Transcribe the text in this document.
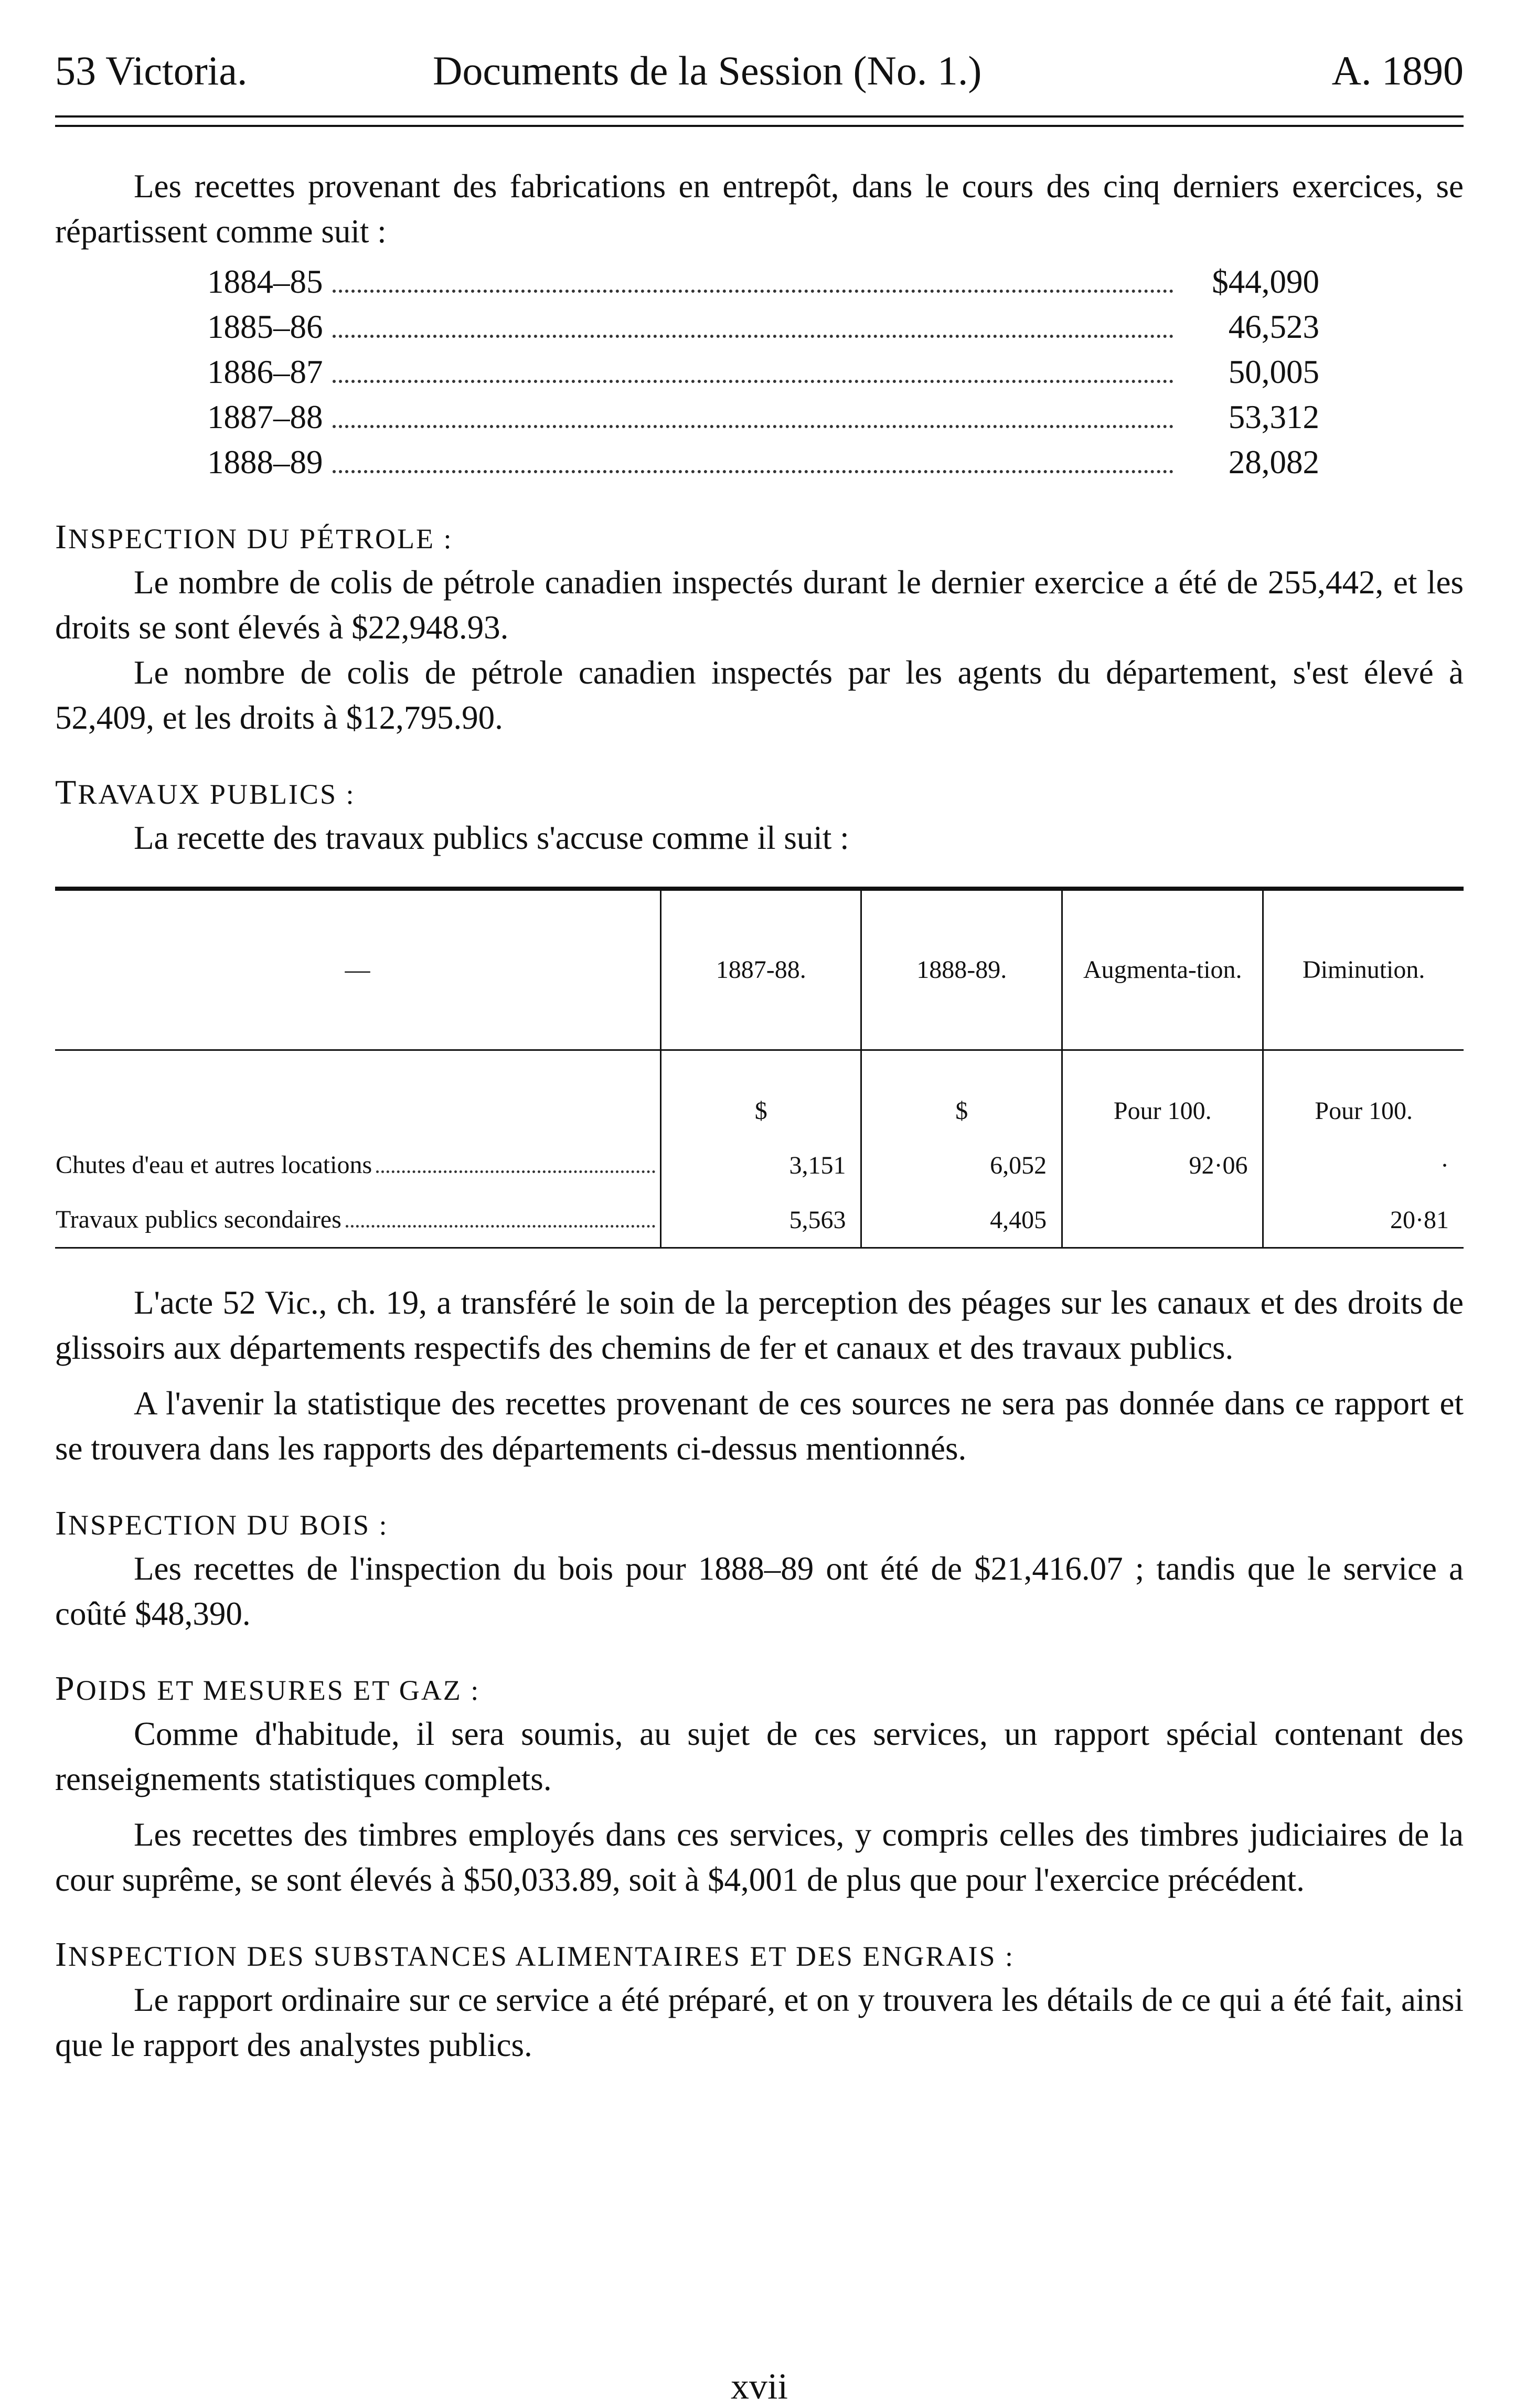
53 Victoria.	Documents de la Session (No. 1.)	A. 1890

Les recettes provenant des fabrications en entrepôt, dans le cours des cinq derniers exercices, se répartissent comme suit :

1884–85	$44,090
1885–86	46,523
1886–87	50,005
1887–88	53,312
1888–89	28,082
INSPECTION DU PÉTROLE :

Le nombre de colis de pétrole canadien inspectés durant le dernier exercice a été de 255,442, et les droits se sont élevés à $22,948.93.

Le nombre de colis de pétrole canadien inspectés par les agents du département, s'est élevé à 52,409, et les droits à $12,795.90.

TRAVAUX PUBLICS :

La recette des travaux publics s'accuse comme il suit :

—	1887-88.	1888-89.	Augmenta-tion.	Diminution.

	$	$	Pour 100.	Pour 100.

Chutes d'eau et autres locations	3,151	6,052	92·06	·

Travaux publics secondaires	5,563	4,405		20·81

L'acte 52 Vic., ch. 19, a transféré le soin de la perception des péages sur les canaux et des droits de glissoirs aux départements respectifs des chemins de fer et canaux et des travaux publics.

A l'avenir la statistique des recettes provenant de ces sources ne sera pas donnée dans ce rapport et se trouvera dans les rapports des départements ci-dessus mentionnés.

INSPECTION DU BOIS :

Les recettes de l'inspection du bois pour 1888–89 ont été de $21,416.07 ; tandis que le service a coûté $48,390.

POIDS ET MESURES ET GAZ :

Comme d'habitude, il sera soumis, au sujet de ces services, un rapport spécial contenant des renseignements statistiques complets.

Les recettes des timbres employés dans ces services, y compris celles des timbres judiciaires de la cour suprême, se sont élevés à $50,033.89, soit à $4,001 de plus que pour l'exercice précédent.

INSPECTION DES SUBSTANCES ALIMENTAIRES ET DES ENGRAIS :

Le rapport ordinaire sur ce service a été préparé, et on y trouvera les détails de ce qui a été fait, ainsi que le rapport des analystes publics.

xvii
